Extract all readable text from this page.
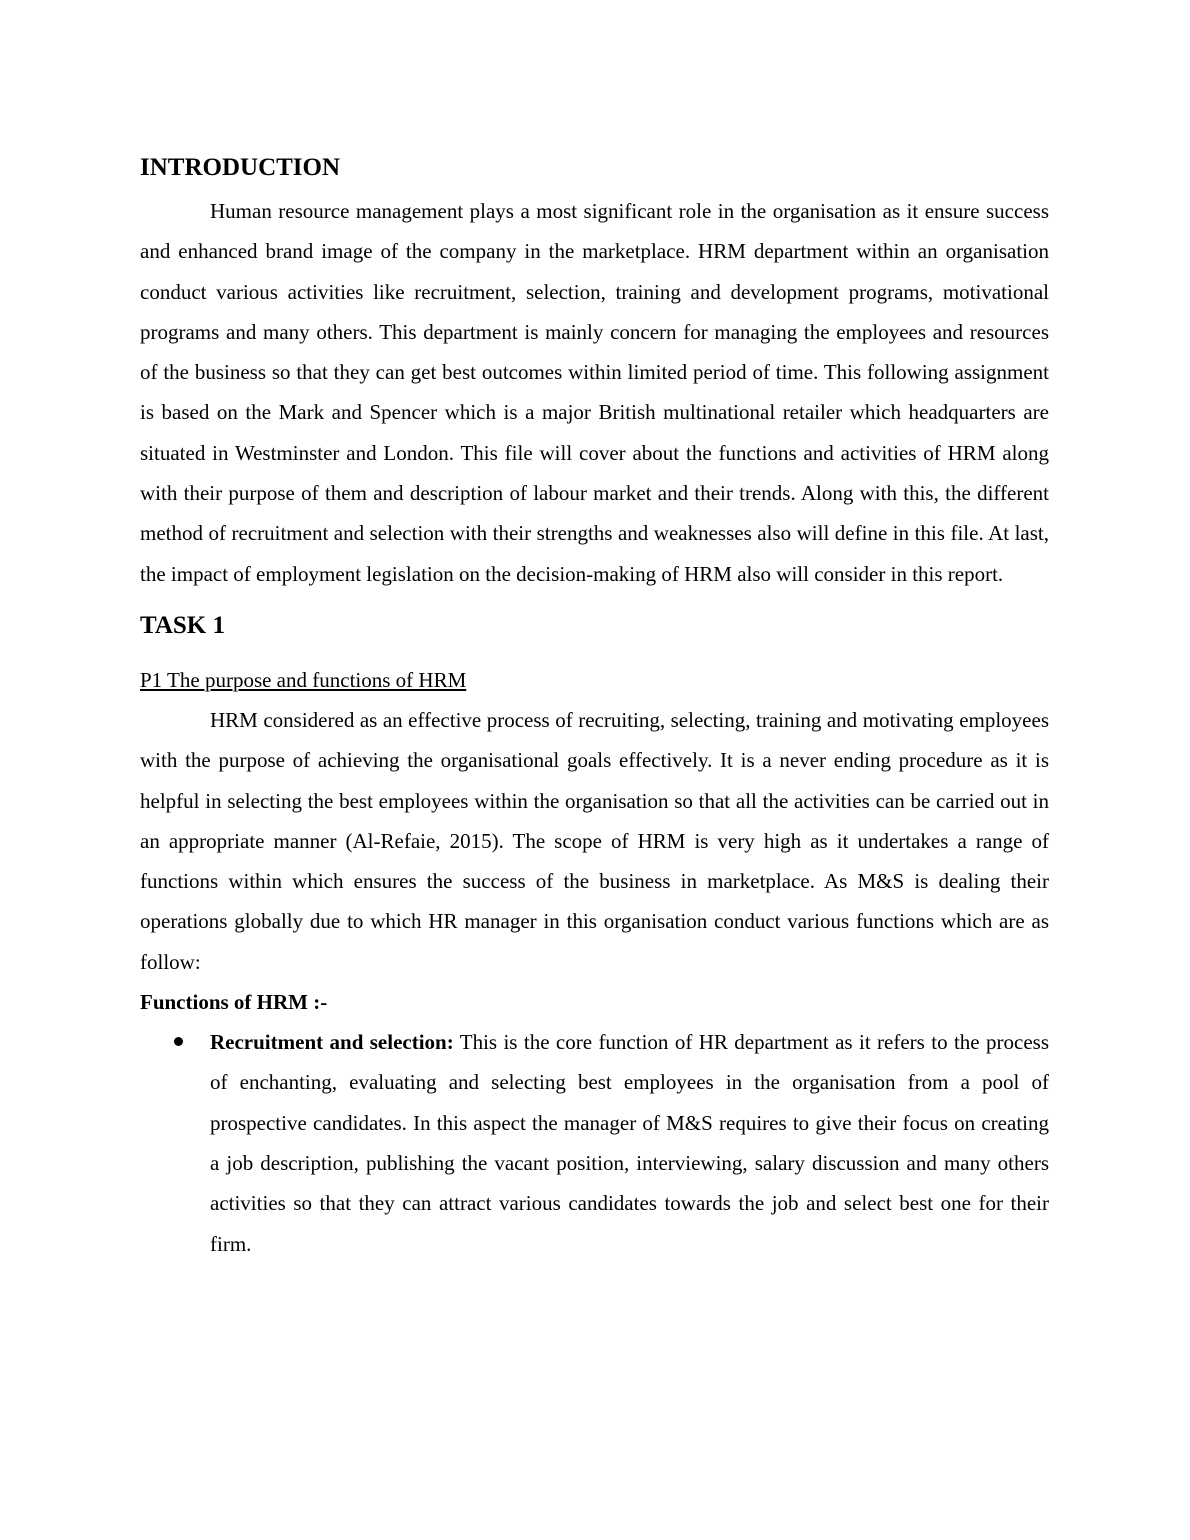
INTRODUCTION

Human resource management plays a most significant role in the organisation as it ensure success and enhanced brand image of the company in the marketplace. HRM department within an organisation conduct various activities like recruitment, selection, training and development programs, motivational programs and many others. This department is mainly concern for managing the employees and resources of the business so that they can get best outcomes within limited period of time. This following assignment is based on the Mark and Spencer which is a major British multinational retailer which headquarters are situated in Westminster and London. This file will cover about the functions and activities of HRM along with their purpose of them and description of labour market and their trends. Along with this, the different method of recruitment and selection with their strengths and weaknesses also will define in this file. At last, the impact of employment legislation on the decision-making of HRM also will consider in this report.

TASK 1

P1 The purpose and functions of HRM

HRM considered as an effective process of recruiting, selecting, training and motivating employees with the purpose of achieving the organisational goals effectively. It is a never ending procedure as it is helpful in selecting the best employees within the organisation so that all the activities can be carried out in an appropriate manner (Al-Refaie, 2015). The scope of HRM is very high as it undertakes a range of functions within which ensures the success of the business in marketplace. As M&S is dealing their operations globally due to which HR manager in this organisation conduct various functions which are as follow:

Functions of HRM :-

Recruitment and selection: This is the core function of HR department as it refers to the process of enchanting, evaluating and selecting best employees in the organisation from a pool of prospective candidates. In this aspect the manager of M&S requires to give their focus on creating a job description, publishing the vacant position, interviewing, salary discussion and many others activities so that they can attract various candidates towards the job and select best one for their firm.
